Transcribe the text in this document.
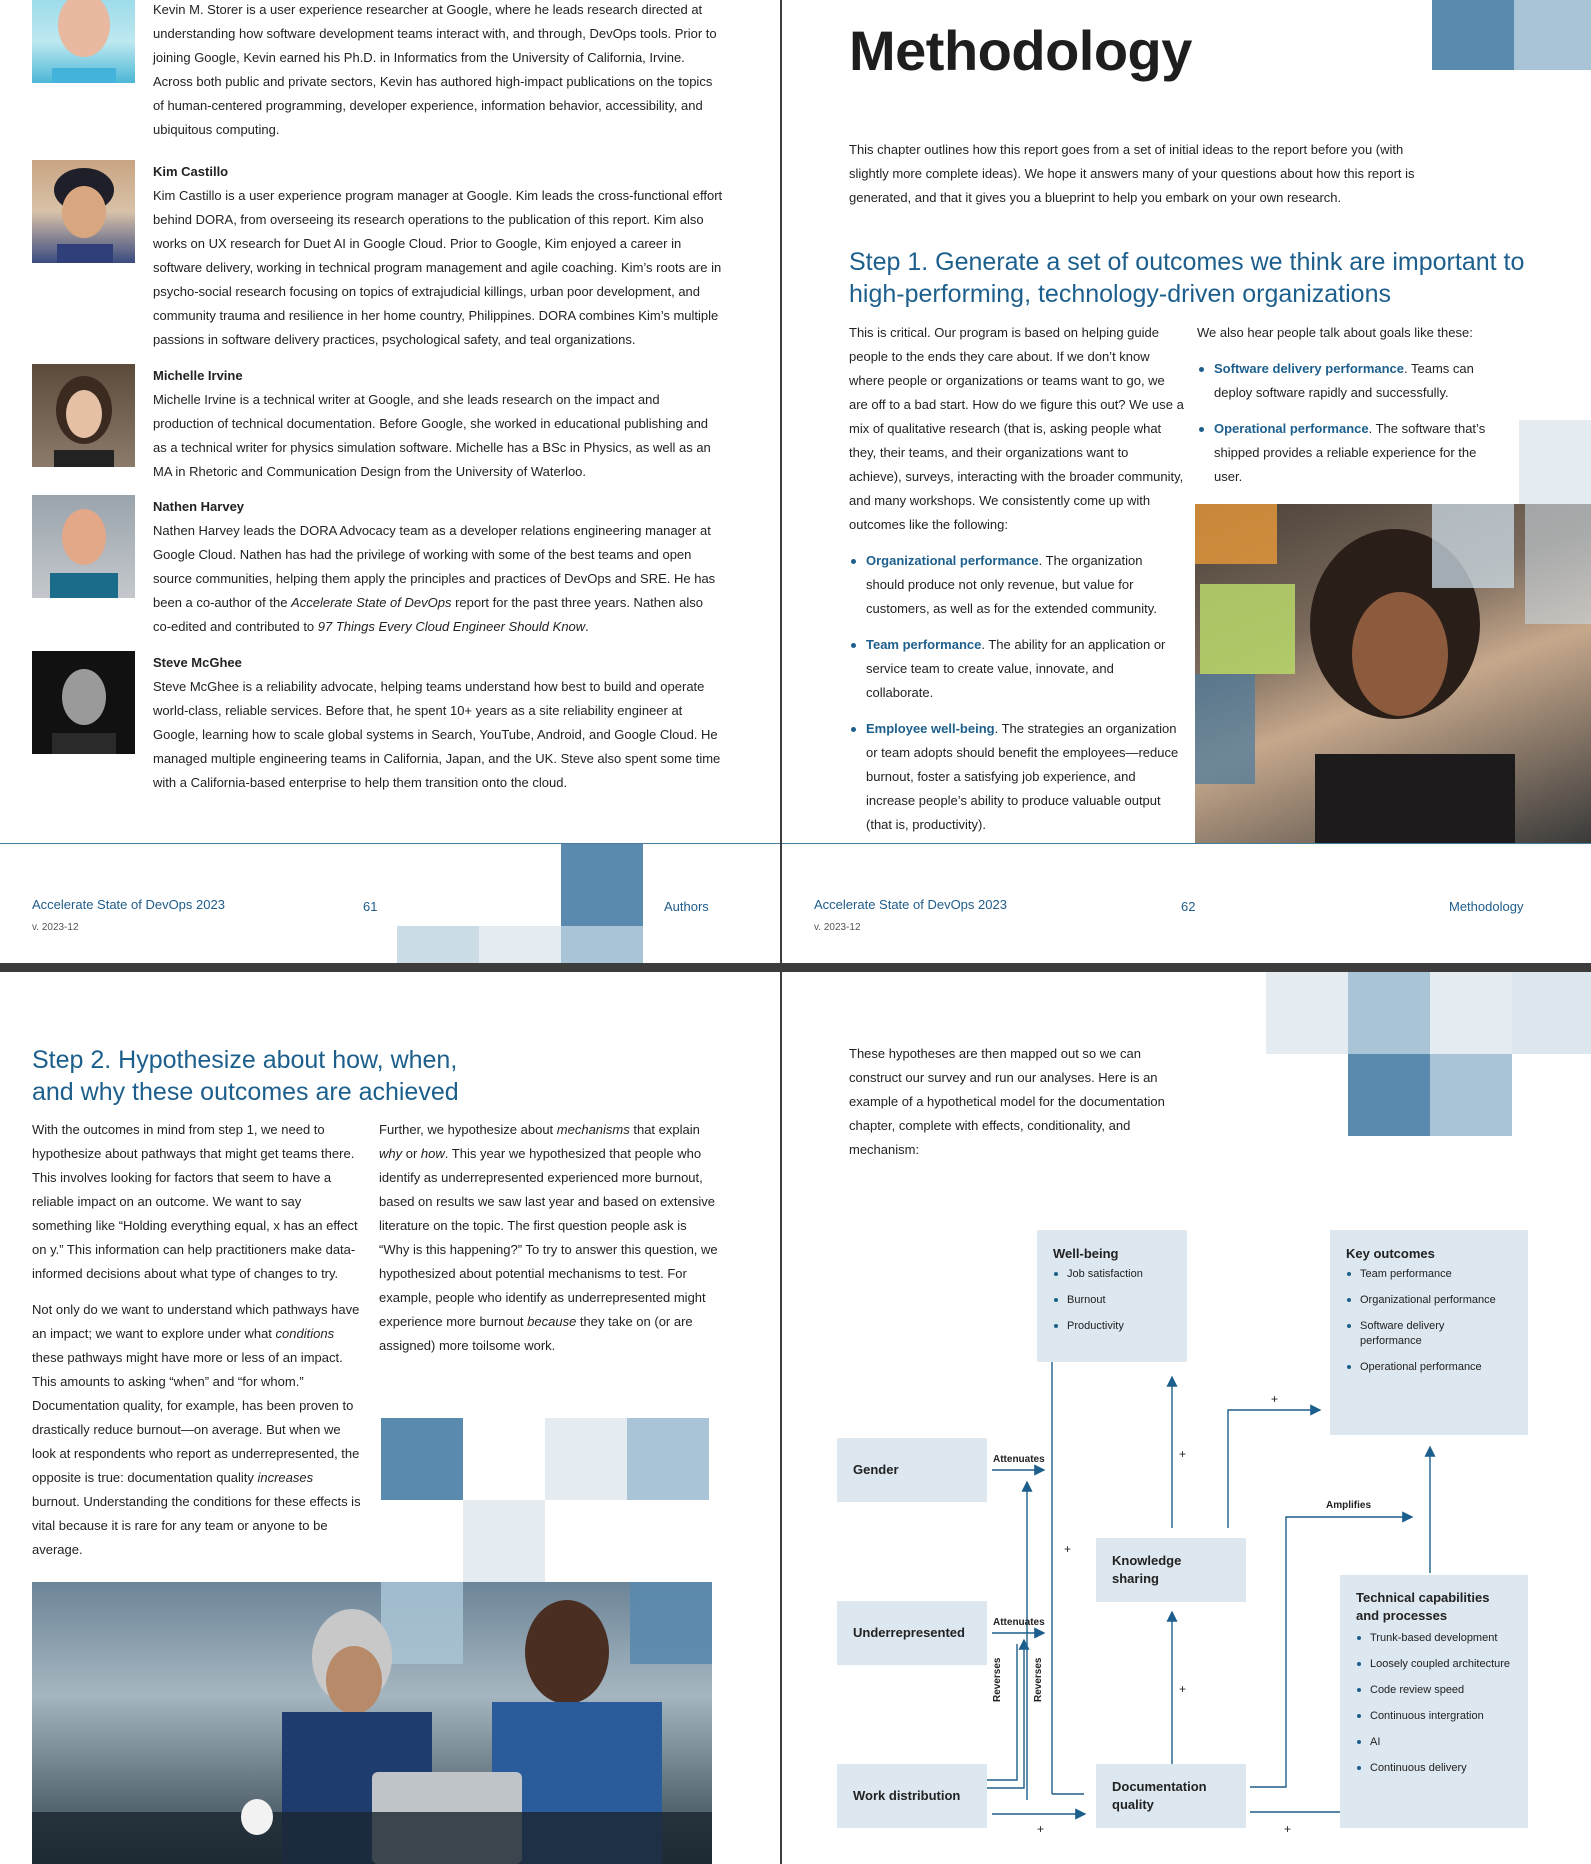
Kevin M. Storer is a user experience researcher at Google, where he leads research directed at understanding how software development teams interact with, and through, DevOps tools. Prior to joining Google, Kevin earned his Ph.D. in Informatics from the University of California, Irvine. Across both public and private sectors, Kevin has authored high-impact publications on the topics of human-centered programming, developer experience, information behavior, accessibility, and ubiquitous computing.
Kim Castillo
Kim Castillo is a user experience program manager at Google. Kim leads the cross-functional effort behind DORA, from overseeing its research operations to the publication of this report. Kim also works on UX research for Duet AI in Google Cloud. Prior to Google, Kim enjoyed a career in software delivery, working in technical program management and agile coaching. Kim’s roots are in psycho-social research focusing on topics of extrajudicial killings, urban poor development, and community trauma and resilience in her home country, Philippines. DORA combines Kim’s multiple passions in software delivery practices, psychological safety, and teal organizations.
Michelle Irvine
Michelle Irvine is a technical writer at Google, and she leads research on the impact and production of technical documentation. Before Google, she worked in educational publishing and as a technical writer for physics simulation software. Michelle has a BSc in Physics, as well as an MA in Rhetoric and Communication Design from the University of Waterloo.
Nathen Harvey
Nathen Harvey leads the DORA Advocacy team as a developer relations engineering manager at Google Cloud. Nathen has had the privilege of working with some of the best teams and open source communities, helping them apply the principles and practices of DevOps and SRE. He has been a co-author of the Accelerate State of DevOps report for the past three years. Nathen also co-edited and contributed to 97 Things Every Cloud Engineer Should Know.
Steve McGhee
Steve McGhee is a reliability advocate, helping teams understand how best to build and operate world-class, reliable services. Before that, he spent 10+ years as a site reliability engineer at Google, learning how to scale global systems in Search, YouTube, Android, and Google Cloud. He managed multiple engineering teams in California, Japan, and the UK. Steve also spent some time with a California-based enterprise to help them transition onto the cloud.
Accelerate State of DevOps 2023
v. 2023-12
61	Authors
Methodology
This chapter outlines how this report goes from a set of initial ideas to the report before you (with slightly more complete ideas). We hope it answers many of your questions about how this report is generated, and that it gives you a blueprint to help you embark on your own research.
Step 1. Generate a set of outcomes we think are important to high-performing, technology-driven organizations
This is critical. Our program is based on helping guide people to the ends they care about. If we don’t know where people or organizations or teams want to go, we are off to a bad start. How do we figure this out? We use a mix of qualitative research (that is, asking people what they, their teams, and their organizations want to achieve), surveys, interacting with the broader community, and many workshops. We consistently come up with outcomes like the following:
Organizational performance. The organization should produce not only revenue, but value for customers, as well as for the extended community.
Team performance. The ability for an application or service team to create value, innovate, and collaborate.
Employee well-being. The strategies an organization or team adopts should benefit the employees—reduce burnout, foster a satisfying job experience, and increase people’s ability to produce valuable output (that is, productivity).
We also hear people talk about goals like these:
Software delivery performance. Teams can deploy software rapidly and successfully.
Operational performance. The software that’s shipped provides a reliable experience for the user.
Accelerate State of DevOps 2023
v. 2023-12
62	Methodology
Step 2. Hypothesize about how, when, and why these outcomes are achieved

With the outcomes in mind from step 1, we need to hypothesize about pathways that might get teams there. This involves looking for factors that seem to have a reliable impact on an outcome. We want to say something like “Holding everything equal, x has an effect on y.” This information can help practitioners make data-informed decisions about what type of changes to try.

Not only do we want to understand which pathways have an impact; we want to explore under what conditions these pathways might have more or less of an impact. This amounts to asking “when” and “for whom.” Documentation quality, for example, has been proven to drastically reduce burnout—on average. But when we look at respondents who report as underrepresented, the opposite is true: documentation quality increases burnout. Understanding the conditions for these effects is vital because it is rare for any team or anyone to be average.

Further, we hypothesize about mechanisms that explain why or how. This year we hypothesized that people who identify as underrepresented experienced more burnout, based on results we saw last year and based on extensive literature on the topic. The first question people ask is “Why is this happening?” To try to answer this question, we hypothesized about potential mechanisms to test. For example, people who identify as underrepresented might experience more burnout because they take on (or are assigned) more toilsome work.
These hypotheses are then mapped out so we can construct our survey and run our analyses. Here is an example of a hypothetical model for the documentation chapter, complete with effects, conditionality, and mechanism:
Well-being
Job satisfaction
Burnout
Productivity
Key outcomes
Team performance
Organizational performance
Software delivery performance
Operational performance
Gender
Underrepresented
Work distribution
Knowledge sharing
Documentation quality
Technical capabilities and processes
Trunk-based development
Loosely coupled architecture
Code review speed
Continuous intergration
AI
Continuous delivery
Attenuates
Attenuates
Amplifies
Reverses	Reverses
+
+
+
+
+	+
